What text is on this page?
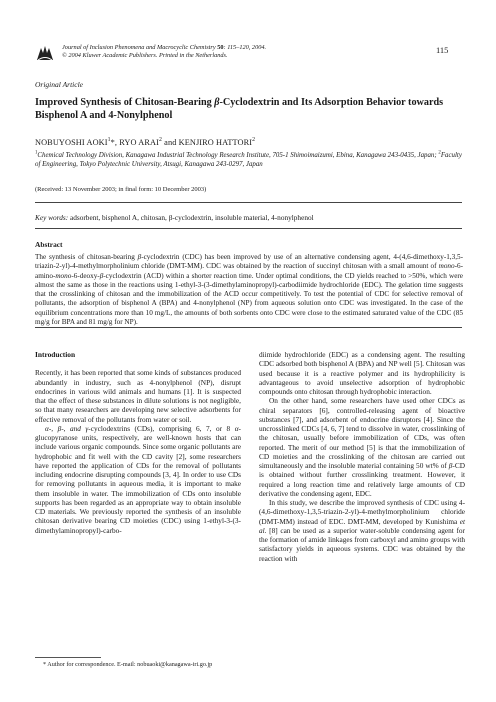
Journal of Inclusion Phenomena and Macrocyclic Chemistry 50: 115–120, 2004.
© 2004 Kluwer Academic Publishers. Printed in the Netherlands.
115
Original Article
Improved Synthesis of Chitosan-Bearing β-Cyclodextrin and Its Adsorption Behavior towards Bisphenol A and 4-Nonylphenol
NOBUYOSHI AOKI$^1$*, RYO ARAI$^2$ and KENJIRO HATTORI$^2$
$^1$Chemical Technology Division, Kanagawa Industrial Technology Research Institute, 705-1 Shimoimaizumi, Ebina, Kanagawa 243-0435, Japan; $^2$Faculty of Engineering, Tokyo Polytechnic University, Atsugi, Kanagawa 243-0297, Japan
(Received: 13 November 2003; in final form: 10 December 2003)
Key words: adsorbent, bisphenol A, chitosan, β-cyclodextrin, insoluble material, 4-nonylphenol
Abstract
The synthesis of chitosan-bearing β-cyclodextrin (CDC) has been improved by use of an alternative condensing agent, 4-(4,6-dimethoxy-1,3,5-triazin-2-yl)-4-methylmorpholinium chloride (DMT-MM). CDC was obtained by the reaction of succinyl chitosan with a small amount of mono-6-amino-mono-6-deoxy-β-cyclodextrin (ACD) within a shorter reaction time. Under optimal conditions, the CD yields reached to >50%, which were almost the same as those in the reactions using 1-ethyl-3-(3-dimethylaminopropyl)-carbodiimide hydrochloride (EDC). The gelation time suggests that the crosslinking of chitosan and the immobilization of the ACD occur competitively. To test the potential of CDC for selective removal of pollutants, the adsorption of bisphenol A (BPA) and 4-nonylphenol (NP) from aqueous solution onto CDC was investigated. In the case of the equilibrium concentrations more than 10 mg/L, the amounts of both sorbents onto CDC were close to the estimated saturated value of the CDC (85 mg/g for BPA and 81 mg/g for NP).

Introduction

Recently, it has been reported that some kinds of substances produced abundantly in industry, such as 4-nonylphenol (NP), disrupt endocrines in various wild animals and humans [1]. It is suspected that the effect of these substances in dilute solutions is not negligible, so that many researchers are developing new selective adsorbents for effective removal of the pollutants from water or soil.

α-, β-, and γ-cyclodextrins (CDs), comprising 6, 7, or 8 α-glucopyranose units, respectively, are well-known hosts that can include various organic compounds. Since some organic pollutants are hydrophobic and fit well with the CD cavity [2], some researchers have reported the application of CDs for the removal of pollutants including endocrine disrupting compounds [3, 4]. In order to use CDs for removing pollutants in aqueous media, it is important to make them insoluble in water. The immobilization of CDs onto insoluble supports has been regarded as an appropriate way to obtain insoluble CD materials. We previously reported the synthesis of an insoluble chitosan derivative bearing CD moieties (CDC) using 1-ethyl-3-(3-dimethylaminopropyl)-carbo-

diimide hydrochloride (EDC) as a condensing agent. The resulting CDC adsorbed both bisphenol A (BPA) and NP well [5]. Chitosan was used because it is a reactive polymer and its hydrophilicity is advantageous to avoid unselective adsorption of hydrophobic compounds onto chitosan through hydrophobic interaction.

On the other hand, some researchers have used other CDCs as chiral separators [6], controlled-releasing agent of bioactive substances [7], and adsorbent of endocrine disruptors [4]. Since the uncrosslinked CDCs [4, 6, 7] tend to dissolve in water, crosslinking of the chitosan, usually before immobilization of CDs, was often reported. The merit of our method [5] is that the immobilization of CD moieties and the crosslinking of the chitosan are carried out simultaneously and the insoluble material containing 50 wt% of β-CD is obtained without further crosslinking treatment. However, it required a long reaction time and relatively large amounts of CD derivative the condensing agent, EDC.

In this study, we describe the improved synthesis of CDC using 4-(4,6-dimethoxy-1,3,5-triazin-2-yl)-4-methylmorpholinium chloride (DMT-MM) instead of EDC. DMT-MM, developed by Kunishima et al. [8] can be used as a superior water-soluble condensing agent for the formation of amide linkages from carboxyl and amino groups with satisfactory yields in aqueous systems. CDC was obtained by the reaction with

* Author for correspondence. E-mail: nobuaoki@kanagawa-iri.go.jp
